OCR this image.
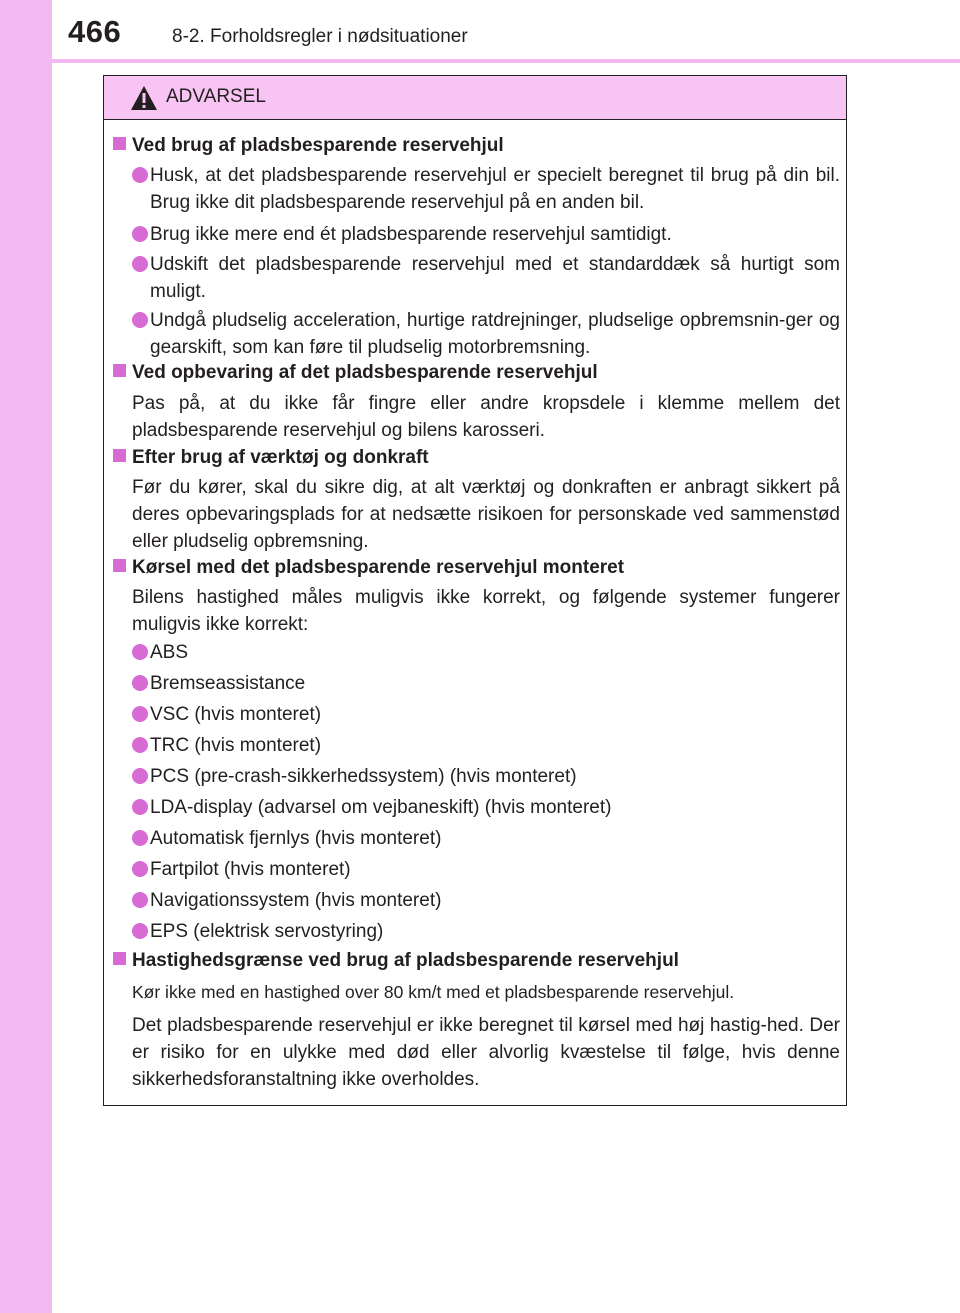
466	8-2. Forholdsregler i nødsituationer
ADVARSEL
Ved brug af pladsbesparende reservehjul
Husk, at det pladsbesparende reservehjul er specielt beregnet til brug på din bil. Brug ikke dit pladsbesparende reservehjul på en anden bil.
Brug ikke mere end ét pladsbesparende reservehjul samtidigt.
Udskift det pladsbesparende reservehjul med et standarddæk så hurtigt som muligt.
Undgå pludselig acceleration, hurtige ratdrejninger, pludselige opbremsnin-ger og gearskift, som kan føre til pludselig motorbremsning.
Ved opbevaring af det pladsbesparende reservehjul
Pas på, at du ikke får fingre eller andre kropsdele i klemme mellem det pladsbesparende reservehjul og bilens karosseri.
Efter brug af værktøj og donkraft
Før du kører, skal du sikre dig, at alt værktøj og donkraften er anbragt sikkert på deres opbevaringsplads for at nedsætte risikoen for personskade ved sammenstød eller pludselig opbremsning.
Kørsel med det pladsbesparende reservehjul monteret
Bilens hastighed måles muligvis ikke korrekt, og følgende systemer fungerer muligvis ikke korrekt:
ABS
Bremseassistance
VSC (hvis monteret)
TRC (hvis monteret)
PCS (pre-crash-sikkerhedssystem) (hvis monteret)
LDA-display (advarsel om vejbaneskift) (hvis monteret)
Automatisk fjernlys (hvis monteret)
Fartpilot (hvis monteret)
Navigationssystem (hvis monteret)
EPS (elektrisk servostyring)
Hastighedsgrænse ved brug af pladsbesparende reservehjul
Kør ikke med en hastighed over 80 km/t med et pladsbesparende reservehjul.
Det pladsbesparende reservehjul er ikke beregnet til kørsel med høj hastig-hed. Der er risiko for en ulykke med død eller alvorlig kvæstelse til følge, hvis denne sikkerhedsforanstaltning ikke overholdes.
